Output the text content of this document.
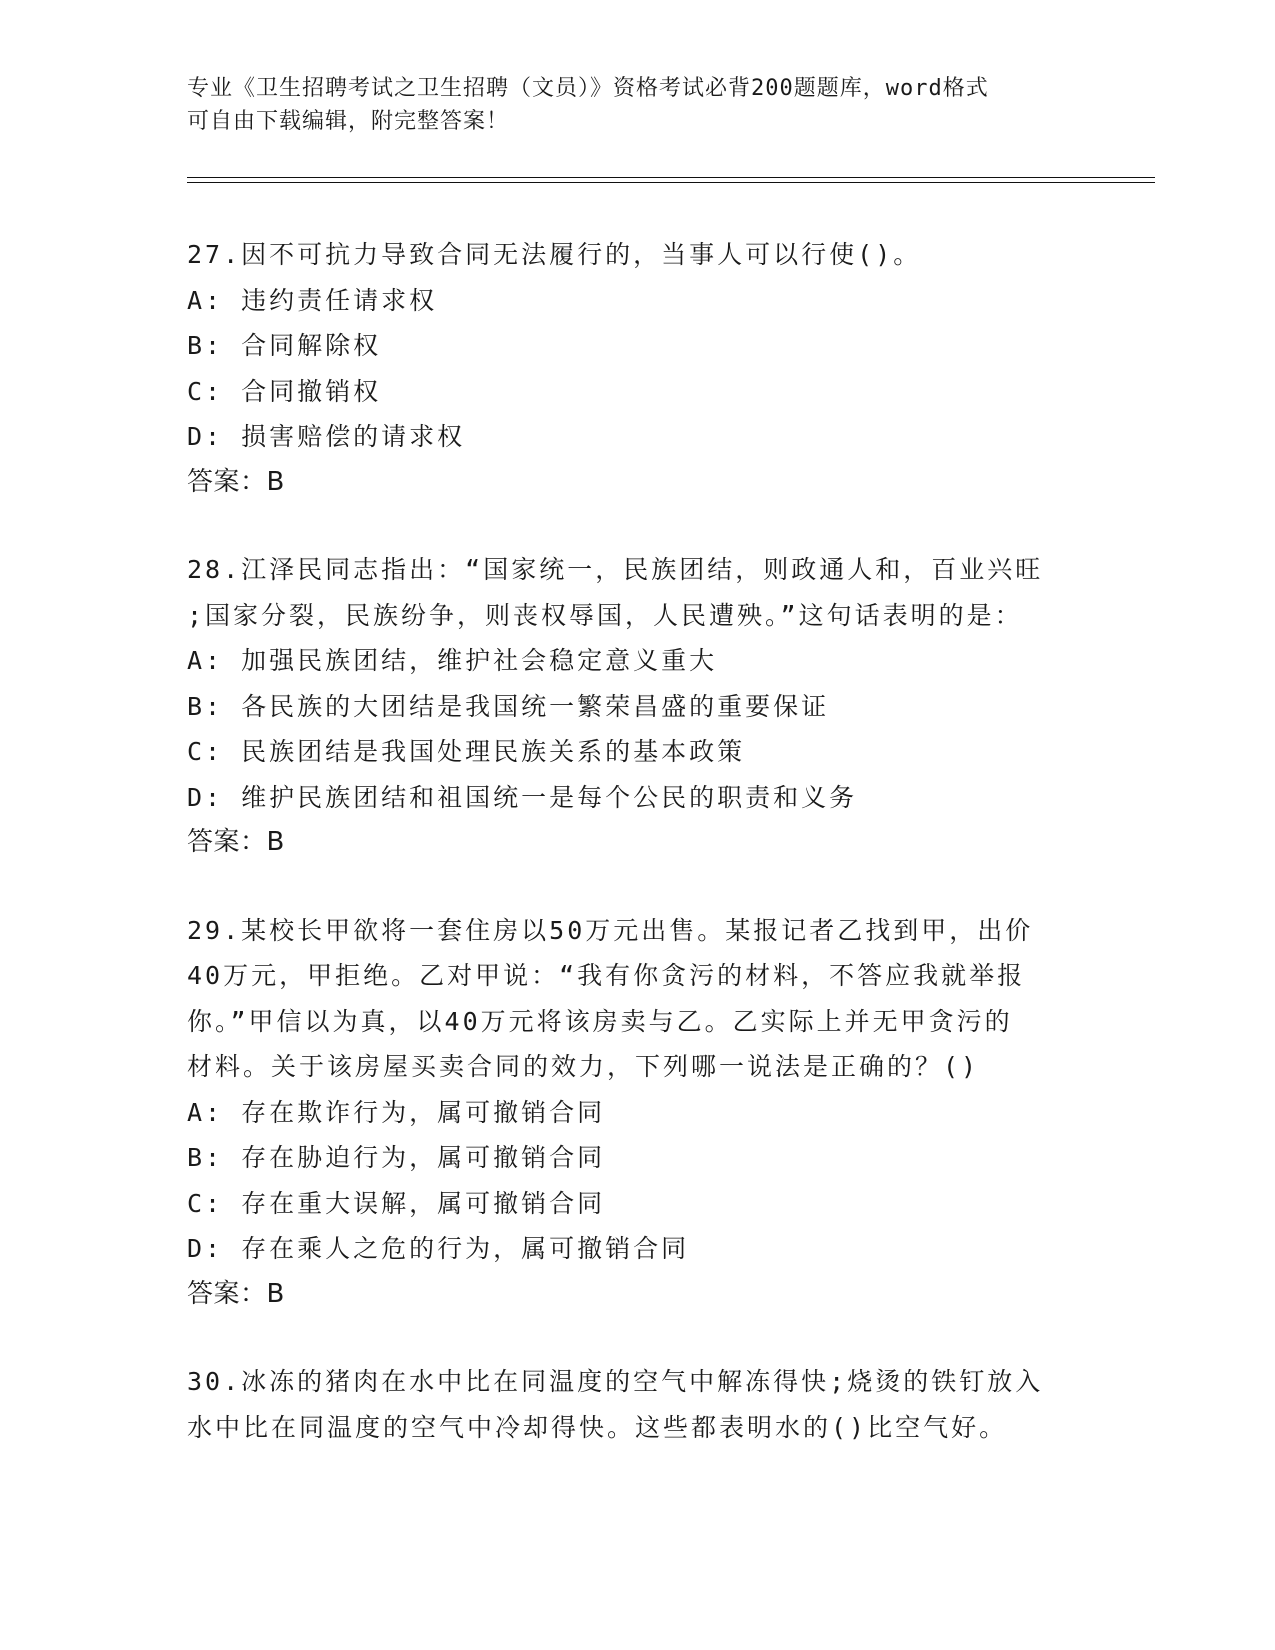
专业《卫生招聘考试之卫生招聘（文员）》资格考试必背200题题库，word格式
可自由下载编辑，附完整答案！
27.因不可抗力导致合同无法履行的，当事人可以行使()。
A: 违约责任请求权
B: 合同解除权
C: 合同撤销权
D: 损害赔偿的请求权
答案：B
28.江泽民同志指出：“国家统一，民族团结，则政通人和，百业兴旺
;国家分裂，民族纷争，则丧权辱国，人民遭殃。”这句话表明的是：
A: 加强民族团结，维护社会稳定意义重大
B: 各民族的大团结是我国统一繁荣昌盛的重要保证
C: 民族团结是我国处理民族关系的基本政策
D: 维护民族团结和祖国统一是每个公民的职责和义务
答案：B
29.某校长甲欲将一套住房以50万元出售。某报记者乙找到甲，出价
40万元，甲拒绝。乙对甲说：“我有你贪污的材料，不答应我就举报
你。”甲信以为真，以40万元将该房卖与乙。乙实际上并无甲贪污的
材料。关于该房屋买卖合同的效力，下列哪一说法是正确的？()
A: 存在欺诈行为，属可撤销合同
B: 存在胁迫行为，属可撤销合同
C: 存在重大误解，属可撤销合同
D: 存在乘人之危的行为，属可撤销合同
答案：B
30.冰冻的猪肉在水中比在同温度的空气中解冻得快;烧烫的铁钉放入
水中比在同温度的空气中冷却得快。这些都表明水的()比空气好。
